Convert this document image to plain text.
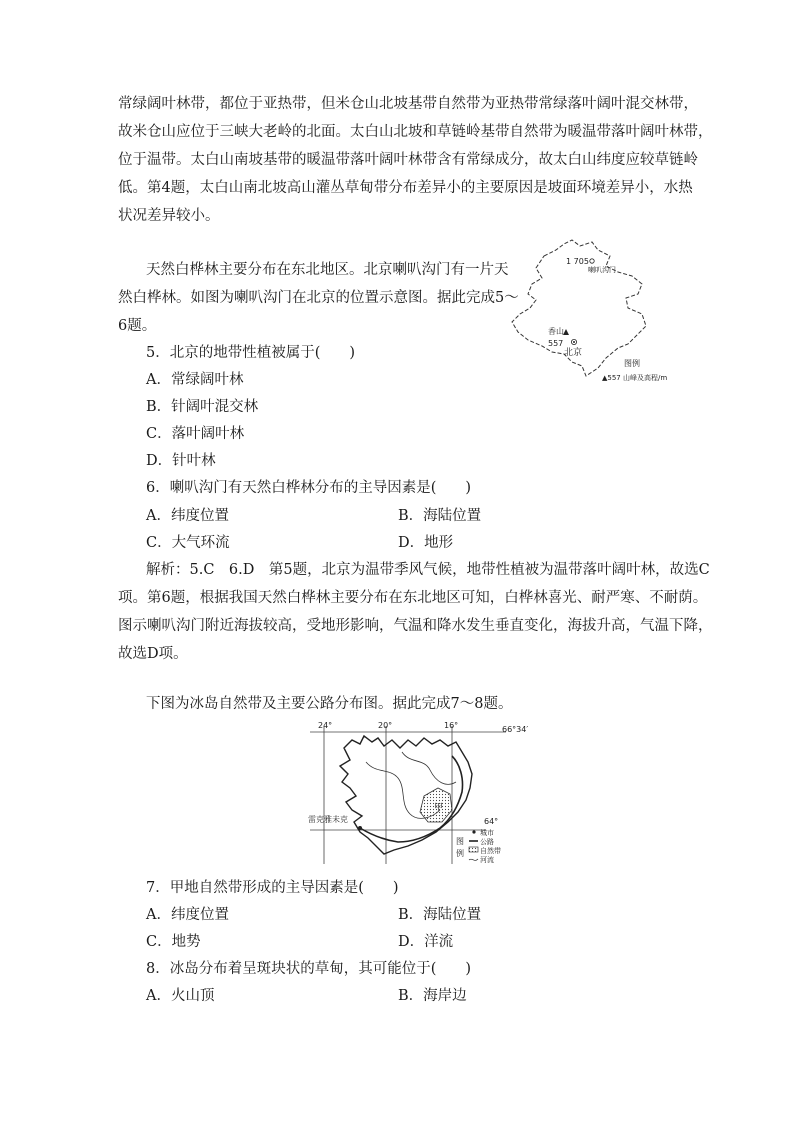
常绿阔叶林带，都位于亚热带，但米仓山北坡基带自然带为亚热带常绿落叶阔叶混交林带，
故米仓山应位于三峡大老岭的北面。太白山北坡和草链岭基带自然带为暖温带落叶阔叶林带，
位于温带。太白山南坡基带的暖温带落叶阔叶林带含有常绿成分，故太白山纬度应较草链岭
低。第4题，太白山南北坡高山灌丛草甸带分布差异小的主要原因是坡面环境差异小，水热
状况差异较小。
天然白桦林主要分布在东北地区。北京喇叭沟门有一片天
然白桦林。如图为喇叭沟门在北京的位置示意图。据此完成5～
6题。
1 705
喇叭沟门
香山
557
北京
图例
▲557 山峰及高程/m
5．北京的地带性植被属于(　　)
A．常绿阔叶林
B．针阔叶混交林
C．落叶阔叶林
D．针叶林
6．喇叭沟门有天然白桦林分布的主导因素是(　　)
A．纬度位置	B．海陆位置
C．大气环流	D．地形
解析：5.C　6.D　第5题，北京为温带季风气候，地带性植被为温带落叶阔叶林，故选C
项。第6题，根据我国天然白桦林主要分布在东北地区可知，白桦林喜光、耐严寒、不耐荫。
图示喇叭沟门附近海拔较高，受地形影响，气温和降水发生垂直变化，海拔升高，气温下降，
故选D项。
下图为冰岛自然带及主要公路分布图。据此完成7～8题。
24°	20°	16°	66°34′
64°
甲
雷克雅未克
图
例
城市
公路
自然带
河流
7．甲地自然带形成的主导因素是(　　)
A．纬度位置	B．海陆位置
C．地势	D．洋流
8．冰岛分布着呈斑块状的草甸，其可能位于(　　)
A．火山顶	B．海岸边
